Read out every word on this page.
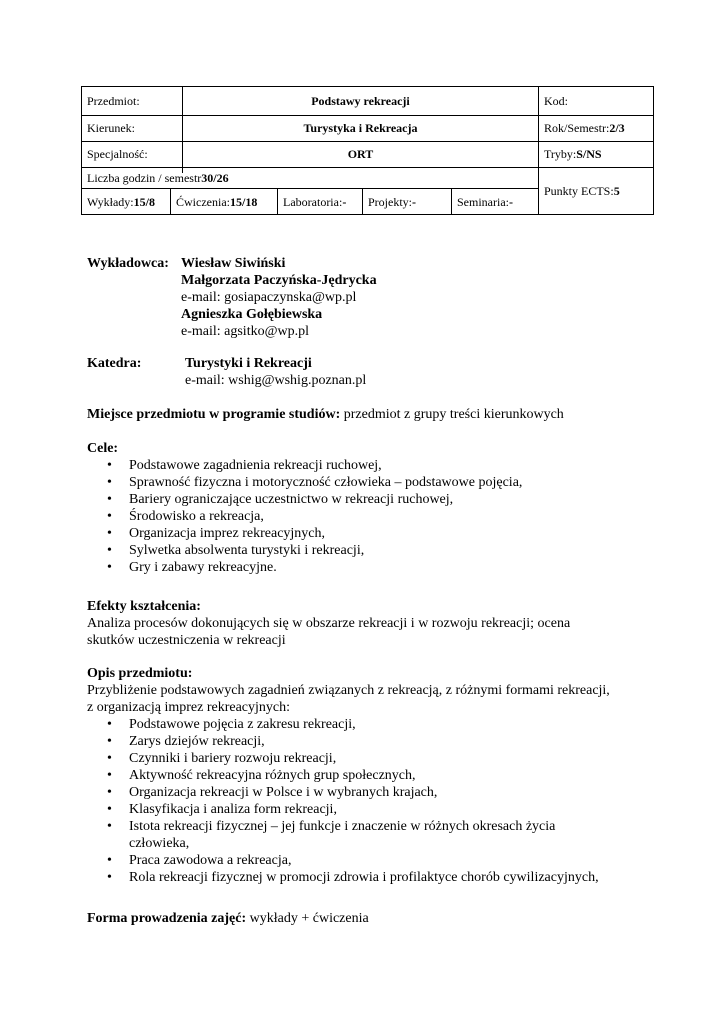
Przedmiot:	Podstawy rekreacji	Kod:
Kierunek:	Turystyka i Rekreacja	Rok/Semestr: 2/3
Specjalność:	ORT	Tryby: S/NS
Liczba godzin / semestr 30/26
Punkty ECTS: 5
Wykłady: 15/8 Ćwiczenia: 15/18 Laboratoria: - Projekty: -	Seminaria: -
Wykładowca: Wiesław Siwiński
Małgorzata Paczyńska-Jędrycka
e-mail: gosiapaczynska@wp.pl
Agnieszka Gołębiewska
e-mail: agsitko@wp.pl
Katedra:	Turystyki i Rekreacji
e-mail: wshig@wshig.poznan.pl
Miejsce przedmiotu w programie studiów: przedmiot z grupy treści kierunkowych
Cele:
• Podstawowe zagadnienia rekreacji ruchowej,
• Sprawność fizyczna i motoryczność człowieka – podstawowe pojęcia,
• Bariery ograniczające uczestnictwo w rekreacji ruchowej,
• Środowisko a rekreacja,
• Organizacja imprez rekreacyjnych,
• Sylwetka absolwenta turystyki i rekreacji,
• Gry i zabawy rekreacyjne.
Efekty kształcenia:
Analiza procesów dokonujących się w obszarze rekreacji i w rozwoju rekreacji; ocena
skutków uczestniczenia w rekreacji
Opis przedmiotu:
Przybliżenie podstawowych zagadnień związanych z rekreacją, z różnymi formami rekreacji,
z organizacją imprez rekreacyjnych:
• Podstawowe pojęcia z zakresu rekreacji,
• Zarys dziejów rekreacji,
• Czynniki i bariery rozwoju rekreacji,
• Aktywność rekreacyjna różnych grup społecznych,
• Organizacja rekreacji w Polsce i w wybranych krajach,
• Klasyfikacja i analiza form rekreacji,
• Istota rekreacji fizycznej – jej funkcje i znaczenie w różnych okresach życia człowieka,
• Praca zawodowa a rekreacja,
• Rola rekreacji fizycznej w promocji zdrowia i profilaktyce chorób cywilizacyjnych,
Forma prowadzenia zajęć: wykłady + ćwiczenia
